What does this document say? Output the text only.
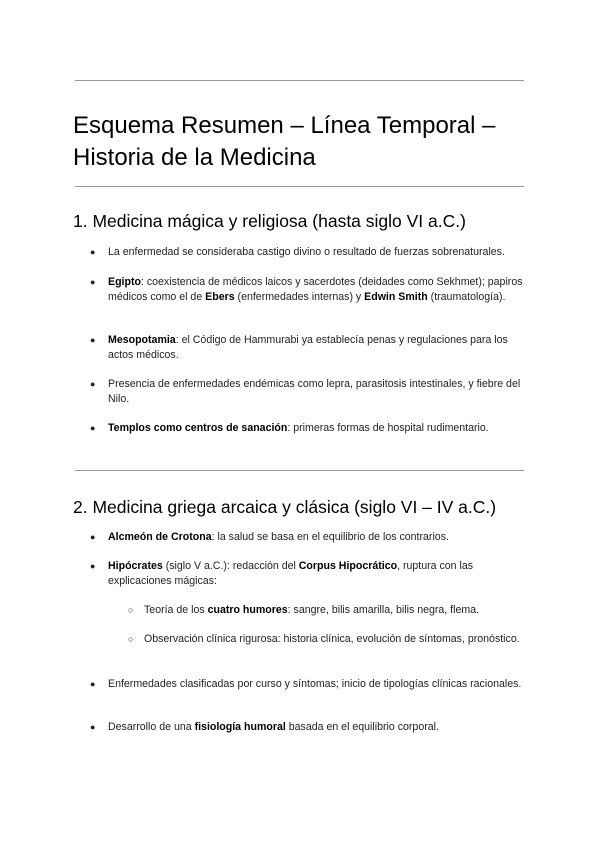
Esquema Resumen – Línea Temporal – Historia de la Medicina
1. Medicina mágica y religiosa (hasta siglo VI a.C.)
● La enfermedad se consideraba castigo divino o resultado de fuerzas sobrenaturales.
● Egipto: coexistencia de médicos laicos y sacerdotes (deidades como Sekhmet); papiros médicos como el de Ebers (enfermedades internas) y Edwin Smith (traumatología).
● Mesopotamia: el Código de Hammurabi ya establecía penas y regulaciones para los actos médicos.
● Presencia de enfermedades endémicas como lepra, parasitosis intestinales, y fiebre del Nilo.
● Templos como centros de sanación: primeras formas de hospital rudimentario.
2. Medicina griega arcaica y clásica (siglo VI – IV a.C.)
● Alcmeón de Crotona: la salud se basa en el equilibrio de los contrarios.
● Hipócrates (siglo V a.C.): redacción del Corpus Hipocrático, ruptura con las explicaciones mágicas:
○ Teoría de los cuatro humores: sangre, bilis amarilla, bilis negra, flema.
○ Observación clínica rigurosa: historia clínica, evolución de síntomas, pronóstico.
● Enfermedades clasificadas por curso y síntomas; inicio de tipologías clínicas racionales.
● Desarrollo de una fisiología humoral basada en el equilibrio corporal.
